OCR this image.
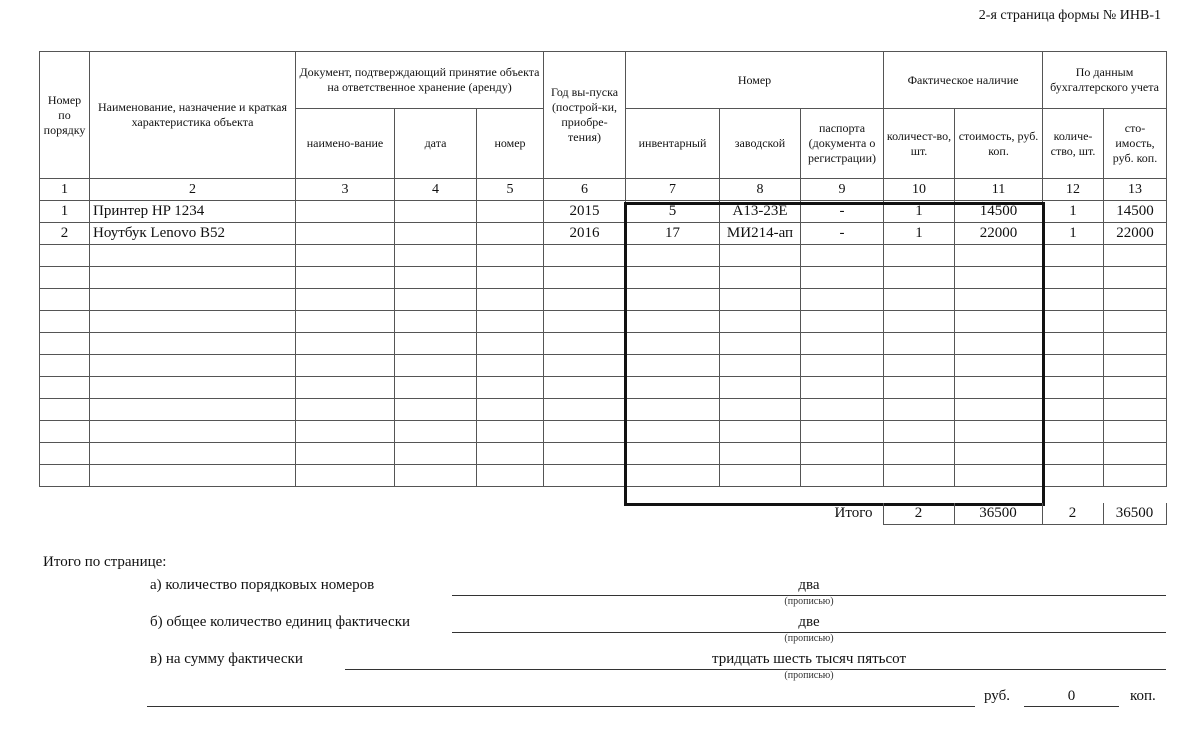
2-я страница формы № ИНВ-1
Номер по порядку	Наименование, назначение и краткая характеристика объекта	Документ, подтверждающий принятие объекта на ответственное хранение (аренду)			Год вы-пуска (построй-ки, приобре-тения)	Номер			Фактическое наличие		По данным бухгалтерского учета	
		наимено-вание	дата	номер		инвентарный	заводской	паспорта (документа о регистрации)	количест-во, шт.	стоимость, руб. коп.	количе-ство, шт.	сто-имость, руб. коп.
1	2	3	4	5	6	7	8	9	10	11	12	13
1	Принтер HP 1234				2015	5	А13-23Е	-	1	14500	1	14500
2	Ноутбук Lenovo B52				2016	17	МИ214-ап	-	1	22000	1	22000

Итого	2	36500	2	36500
Итого по странице:
а) количество порядковых номеров	два
(прописью)
б) общее количество единиц фактически	две
(прописью)
в) на сумму фактически	тридцать шесть тысяч пятьсот
(прописью)
руб.	0	коп.
